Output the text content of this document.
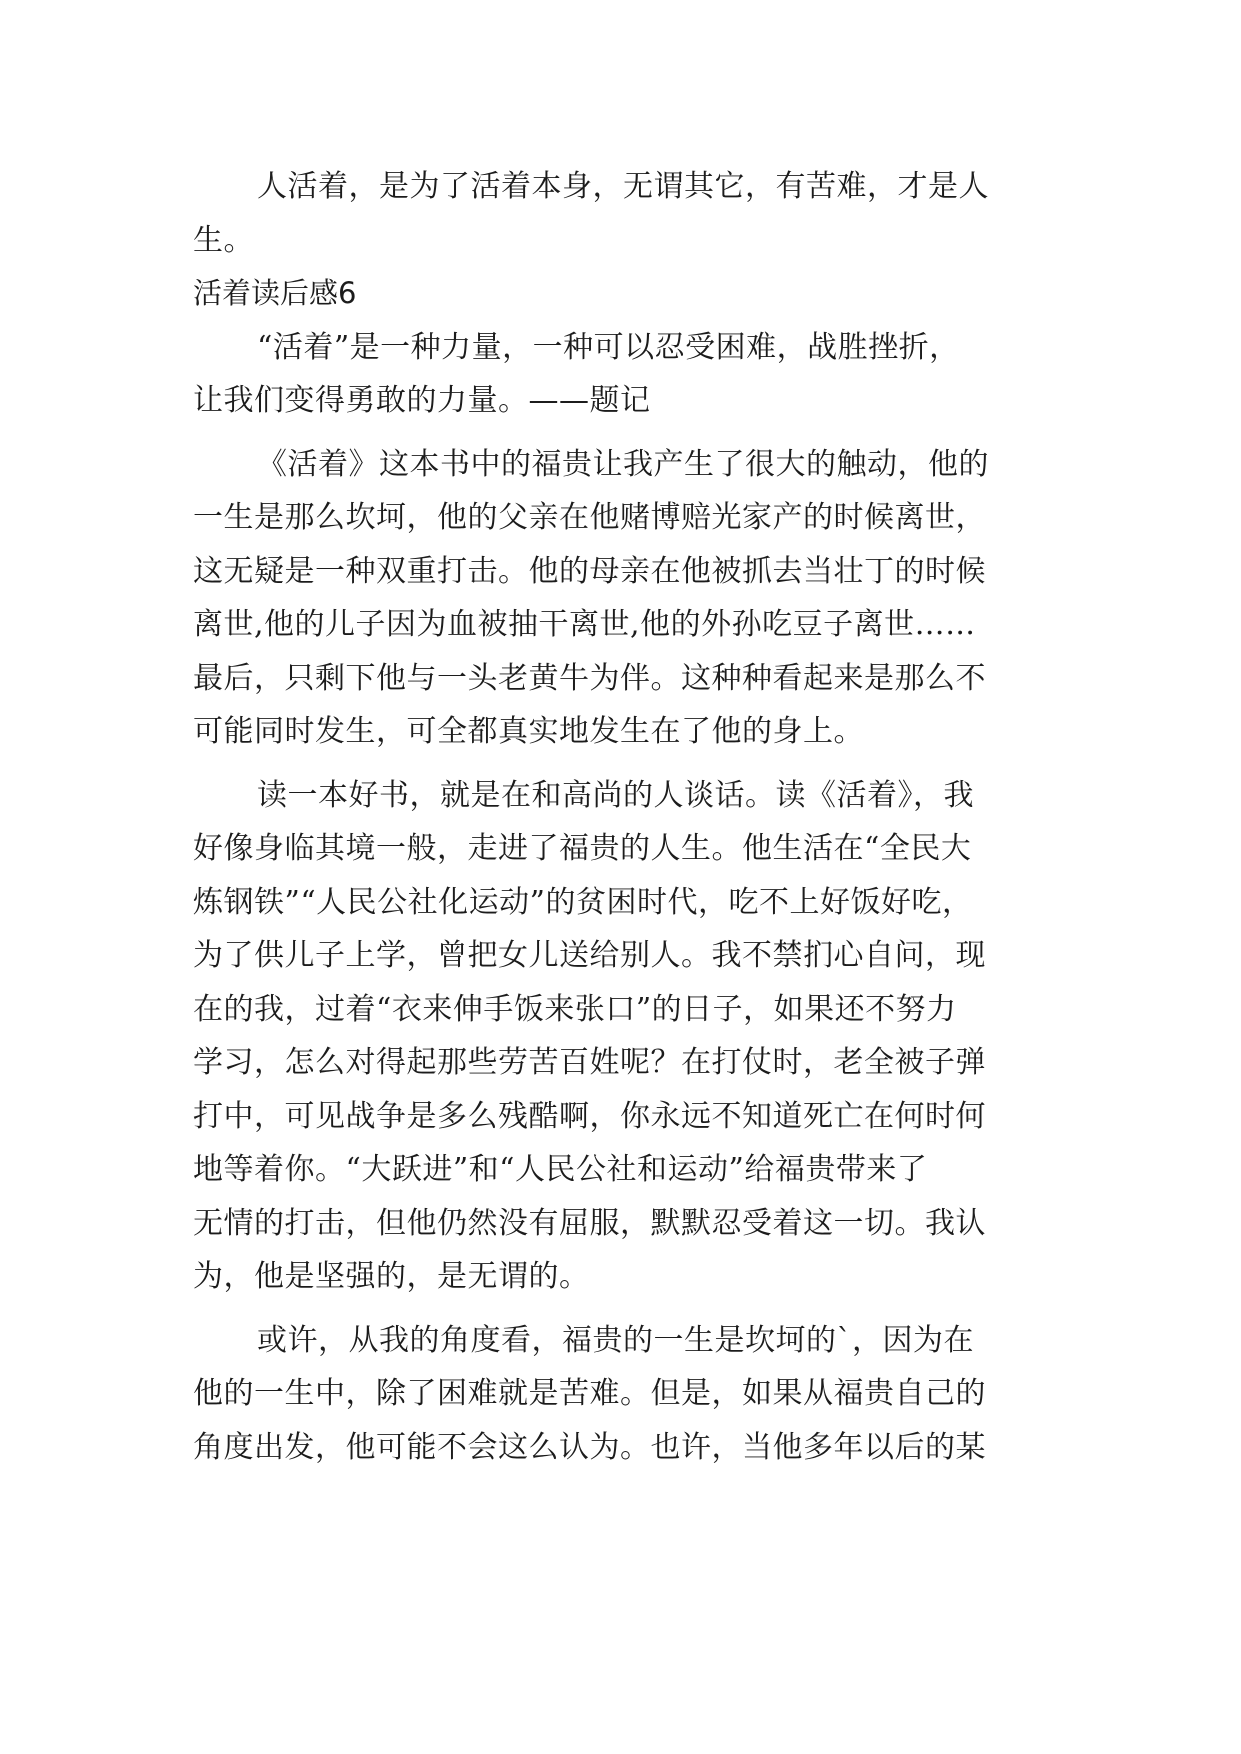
人活着，是为了活着本身，无谓其它，有苦难，才是人
生。
活着读后感6
“活着”是一种力量，一种可以忍受困难，战胜挫折，
让我们变得勇敢的力量。——题记
《活着》这本书中的福贵让我产生了很大的触动，他的
一生是那么坎坷，他的父亲在他赌博赔光家产的时候离世，
这无疑是一种双重打击。他的母亲在他被抓去当壮丁的时候
离世,他的儿子因为血被抽干离世,他的外孙吃豆子离世……
最后，只剩下他与一头老黄牛为伴。这种种看起来是那么不
可能同时发生，可全都真实地发生在了他的身上。
读一本好书，就是在和高尚的人谈话。读《活着》，我
好像身临其境一般，走进了福贵的人生。他生活在“全民大
炼钢铁”“人民公社化运动”的贫困时代，吃不上好饭好吃，
为了供儿子上学，曾把女儿送给别人。我不禁扪心自问，现
在的我，过着“衣来伸手饭来张口”的日子，如果还不努力
学习，怎么对得起那些劳苦百姓呢？在打仗时，老全被子弹
打中，可见战争是多么残酷啊，你永远不知道死亡在何时何
地等着你。“大跃进”和“人民公社和运动”给福贵带来了
无情的打击，但他仍然没有屈服，默默忍受着这一切。我认
为，他是坚强的，是无谓的。
或许，从我的角度看，福贵的一生是坎坷的`，因为在
他的一生中，除了困难就是苦难。但是，如果从福贵自己的
角度出发，他可能不会这么认为。也许，当他多年以后的某
